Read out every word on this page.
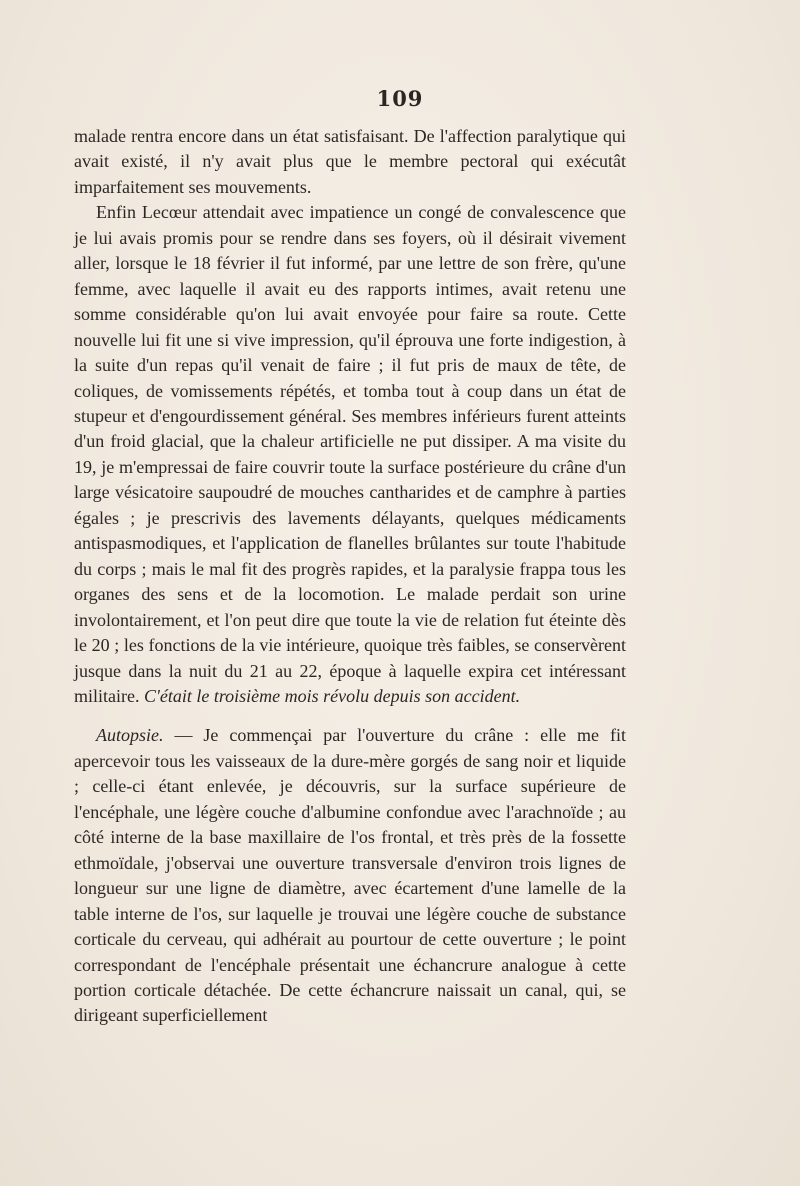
109

malade rentra encore dans un état satisfaisant. De l'affection paralytique qui avait existé, il n'y avait plus que le membre pectoral qui exécutât imparfaitement ses mouvements.

Enfin Lecœur attendait avec impatience un congé de convalescence que je lui avais promis pour se rendre dans ses foyers, où il désirait vivement aller, lorsque le 18 février il fut informé, par une lettre de son frère, qu'une femme, avec laquelle il avait eu des rapports intimes, avait retenu une somme considérable qu'on lui avait envoyée pour faire sa route. Cette nouvelle lui fit une si vive impression, qu'il éprouva une forte indigestion, à la suite d'un repas qu'il venait de faire ; il fut pris de maux de tête, de coliques, de vomissements répétés, et tomba tout à coup dans un état de stupeur et d'engourdissement général. Ses membres inférieurs furent atteints d'un froid glacial, que la chaleur artificielle ne put dissiper. A ma visite du 19, je m'empressai de faire couvrir toute la surface postérieure du crâne d'un large vésicatoire saupoudré de mouches cantharides et de camphre à parties égales ; je prescrivis des lavements délayants, quelques médicaments antispasmodiques, et l'application de flanelles brûlantes sur toute l'habitude du corps ; mais le mal fit des progrès rapides, et la paralysie frappa tous les organes des sens et de la locomotion. Le malade perdait son urine involontairement, et l'on peut dire que toute la vie de relation fut éteinte dès le 20 ; les fonctions de la vie intérieure, quoique très faibles, se conservèrent jusque dans la nuit du 21 au 22, époque à laquelle expira cet intéressant militaire. C'était le troisième mois révolu depuis son accident.

Autopsie. — Je commençai par l'ouverture du crâne : elle me fit apercevoir tous les vaisseaux de la dure-mère gorgés de sang noir et liquide ; celle-ci étant enlevée, je découvris, sur la surface supérieure de l'encéphale, une légère couche d'albumine confondue avec l'arachnoïde ; au côté interne de la base maxillaire de l'os frontal, et très près de la fossette ethmoïdale, j'observai une ouverture transversale d'environ trois lignes de longueur sur une ligne de diamètre, avec écartement d'une lamelle de la table interne de l'os, sur laquelle je trouvai une légère couche de substance corticale du cerveau, qui adhérait au pourtour de cette ouverture ; le point correspondant de l'encéphale présentait une échancrure analogue à cette portion corticale détachée. De cette échancrure naissait un canal, qui, se dirigeant superficiellement
